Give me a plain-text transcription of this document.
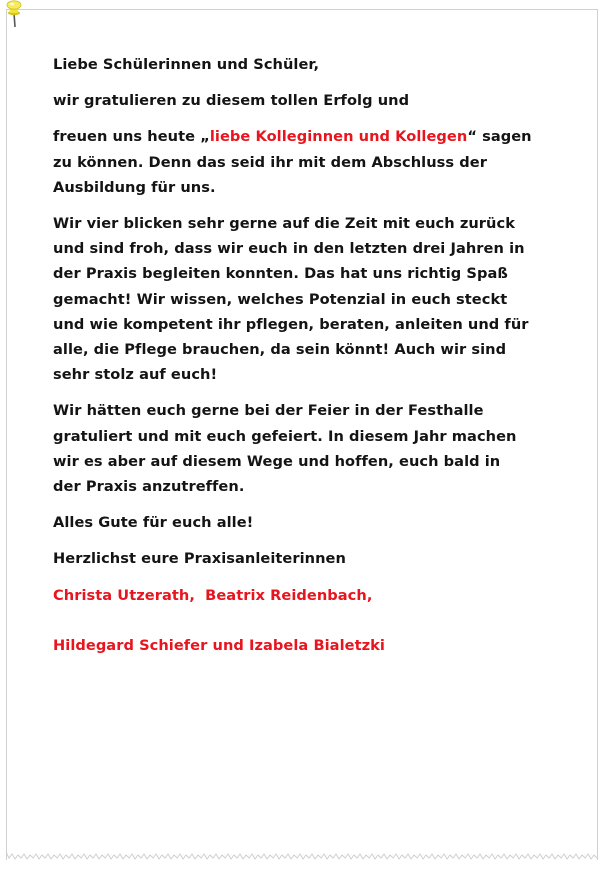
Liebe Schülerinnen und Schüler,

wir gratulieren zu diesem tollen Erfolg und

freuen uns heute „liebe Kolleginnen und Kollegen“ sagen zu können. Denn das seid ihr mit dem Abschluss der Ausbildung für uns.

Wir vier blicken sehr gerne auf die Zeit mit euch zurück und sind froh, dass wir euch in den letzten drei Jahren in der Praxis begleiten konnten. Das hat uns richtig Spaß gemacht! Wir wissen, welches Potenzial in euch steckt und wie kompetent ihr pflegen, beraten, anleiten und für alle, die Pflege brauchen, da sein könnt! Auch wir sind sehr stolz auf euch!

Wir hätten euch gerne bei der Feier in der Festhalle gratuliert und mit euch gefeiert. In diesem Jahr machen wir es aber auf diesem Wege und hoffen, euch bald in der Praxis anzutreffen.

Alles Gute für euch alle!

Herzlichst eure Praxisanleiterinnen

Christa Utzerath,  Beatrix Reidenbach,

Hildegard Schiefer und Izabela Bialetzki
